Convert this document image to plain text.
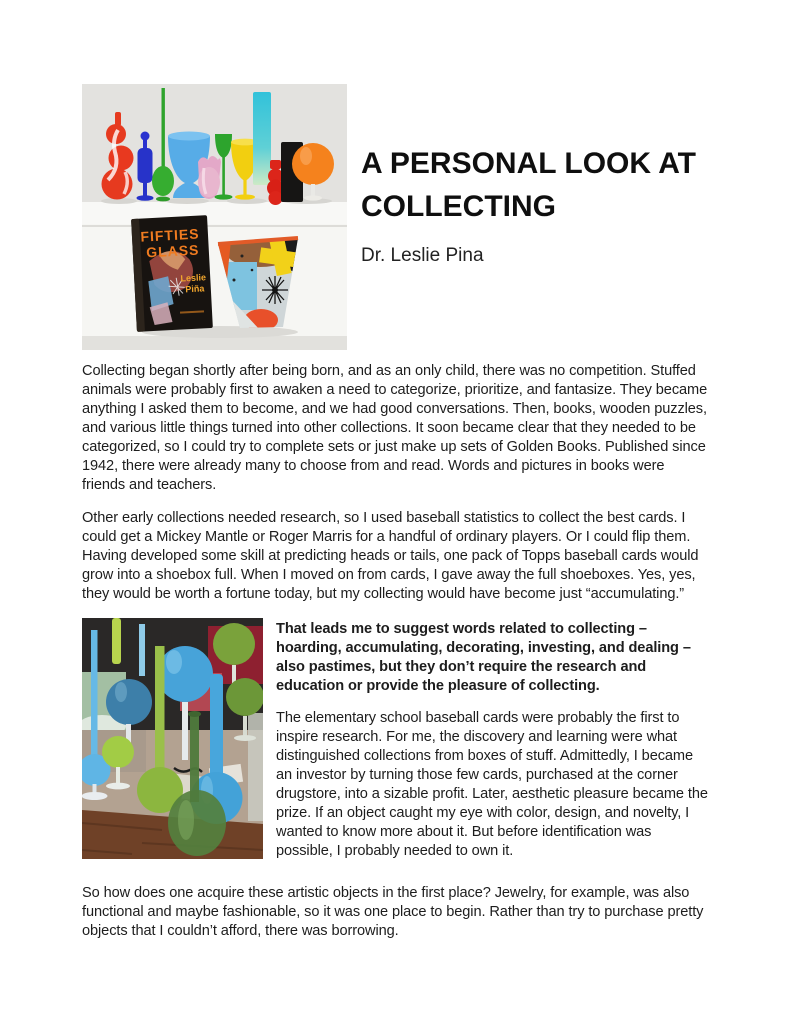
FIFTIES
GLASS
Leslie
Piña
A PERSONAL LOOK AT COLLECTING
Dr. Leslie Pina

Collecting began shortly after being born, and as an only child, there was no competition. Stuffed animals were probably first to awaken a need to categorize, prioritize, and fantasize. They became anything I asked them to become, and we had good conversations. Then, books, wooden puzzles, and various little things turned into other collections. It soon became clear that they needed to be categorized, so I could try to complete sets or just make up sets of Golden Books. Published since 1942, there were already many to choose from and read. Words and pictures in books were friends and teachers.

Other early collections needed research, so I used baseball statistics to collect the best cards. I could get a Mickey Mantle or Roger Marris for a handful of ordinary players. Or I could flip them. Having developed some skill at predicting heads or tails, one pack of Topps baseball cards would grow into a shoebox full. When I moved on from cards, I gave away the full shoeboxes. Yes, yes, they would be worth a fortune today, but my collecting would have become just “accumulating.”

That leads me to suggest words related to collecting – hoarding, accumulating, decorating, investing, and dealing – also pastimes, but they don’t require the research and education or provide the pleasure of collecting.

The elementary school baseball cards were probably the first to inspire research. For me, the discovery and learning were what distinguished collections from boxes of stuff. Admittedly, I became an investor by turning those few cards, purchased at the corner drugstore, into a sizable profit. Later, aesthetic pleasure became the prize. If an object caught my eye with color, design, and novelty, I wanted to know more about it. But before identification was possible, I probably needed to own it.

So how does one acquire these artistic objects in the first place? Jewelry, for example, was also functional and maybe fashionable, so it was one place to begin. Rather than try to purchase pretty objects that I couldn’t afford, there was borrowing.
